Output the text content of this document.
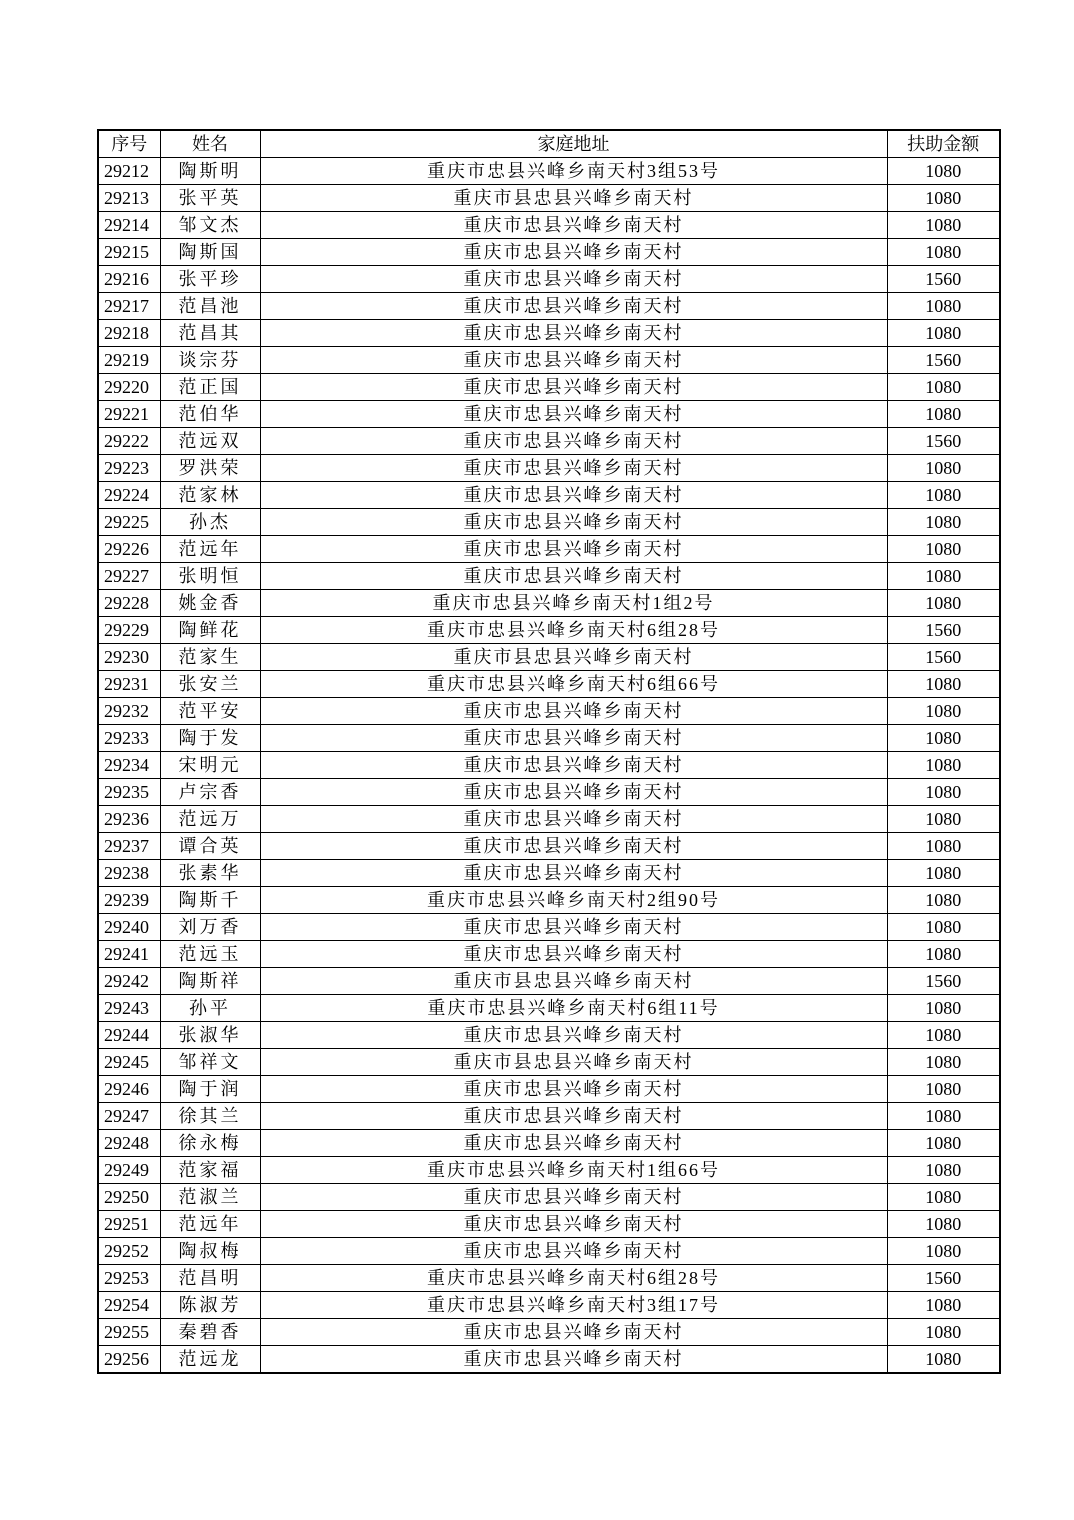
序号	姓名	家庭地址	扶助金额
29212	陶斯明	重庆市忠县兴峰乡南天村3组53号	1080
29213	张平英	重庆市县忠县兴峰乡南天村	1080
29214	邹文杰	重庆市忠县兴峰乡南天村	1080
29215	陶斯国	重庆市忠县兴峰乡南天村	1080
29216	张平珍	重庆市忠县兴峰乡南天村	1560
29217	范昌池	重庆市忠县兴峰乡南天村	1080
29218	范昌其	重庆市忠县兴峰乡南天村	1080
29219	谈宗芬	重庆市忠县兴峰乡南天村	1560
29220	范正国	重庆市忠县兴峰乡南天村	1080
29221	范伯华	重庆市忠县兴峰乡南天村	1080
29222	范远双	重庆市忠县兴峰乡南天村	1560
29223	罗洪荣	重庆市忠县兴峰乡南天村	1080
29224	范家林	重庆市忠县兴峰乡南天村	1080
29225	孙杰	重庆市忠县兴峰乡南天村	1080
29226	范远年	重庆市忠县兴峰乡南天村	1080
29227	张明恒	重庆市忠县兴峰乡南天村	1080
29228	姚金香	重庆市忠县兴峰乡南天村1组2号	1080
29229	陶鲜花	重庆市忠县兴峰乡南天村6组28号	1560
29230	范家生	重庆市县忠县兴峰乡南天村	1560
29231	张安兰	重庆市忠县兴峰乡南天村6组66号	1080
29232	范平安	重庆市忠县兴峰乡南天村	1080
29233	陶于发	重庆市忠县兴峰乡南天村	1080
29234	宋明元	重庆市忠县兴峰乡南天村	1080
29235	卢宗香	重庆市忠县兴峰乡南天村	1080
29236	范远万	重庆市忠县兴峰乡南天村	1080
29237	谭合英	重庆市忠县兴峰乡南天村	1080
29238	张素华	重庆市忠县兴峰乡南天村	1080
29239	陶斯千	重庆市忠县兴峰乡南天村2组90号	1080
29240	刘万香	重庆市忠县兴峰乡南天村	1080
29241	范远玉	重庆市忠县兴峰乡南天村	1080
29242	陶斯祥	重庆市县忠县兴峰乡南天村	1560
29243	孙平	重庆市忠县兴峰乡南天村6组11号	1080
29244	张淑华	重庆市忠县兴峰乡南天村	1080
29245	邹祥文	重庆市县忠县兴峰乡南天村	1080
29246	陶于润	重庆市忠县兴峰乡南天村	1080
29247	徐其兰	重庆市忠县兴峰乡南天村	1080
29248	徐永梅	重庆市忠县兴峰乡南天村	1080
29249	范家福	重庆市忠县兴峰乡南天村1组66号	1080
29250	范淑兰	重庆市忠县兴峰乡南天村	1080
29251	范远年	重庆市忠县兴峰乡南天村	1080
29252	陶叔梅	重庆市忠县兴峰乡南天村	1080
29253	范昌明	重庆市忠县兴峰乡南天村6组28号	1560
29254	陈淑芳	重庆市忠县兴峰乡南天村3组17号	1080
29255	秦碧香	重庆市忠县兴峰乡南天村	1080
29256	范远龙	重庆市忠县兴峰乡南天村	1080
